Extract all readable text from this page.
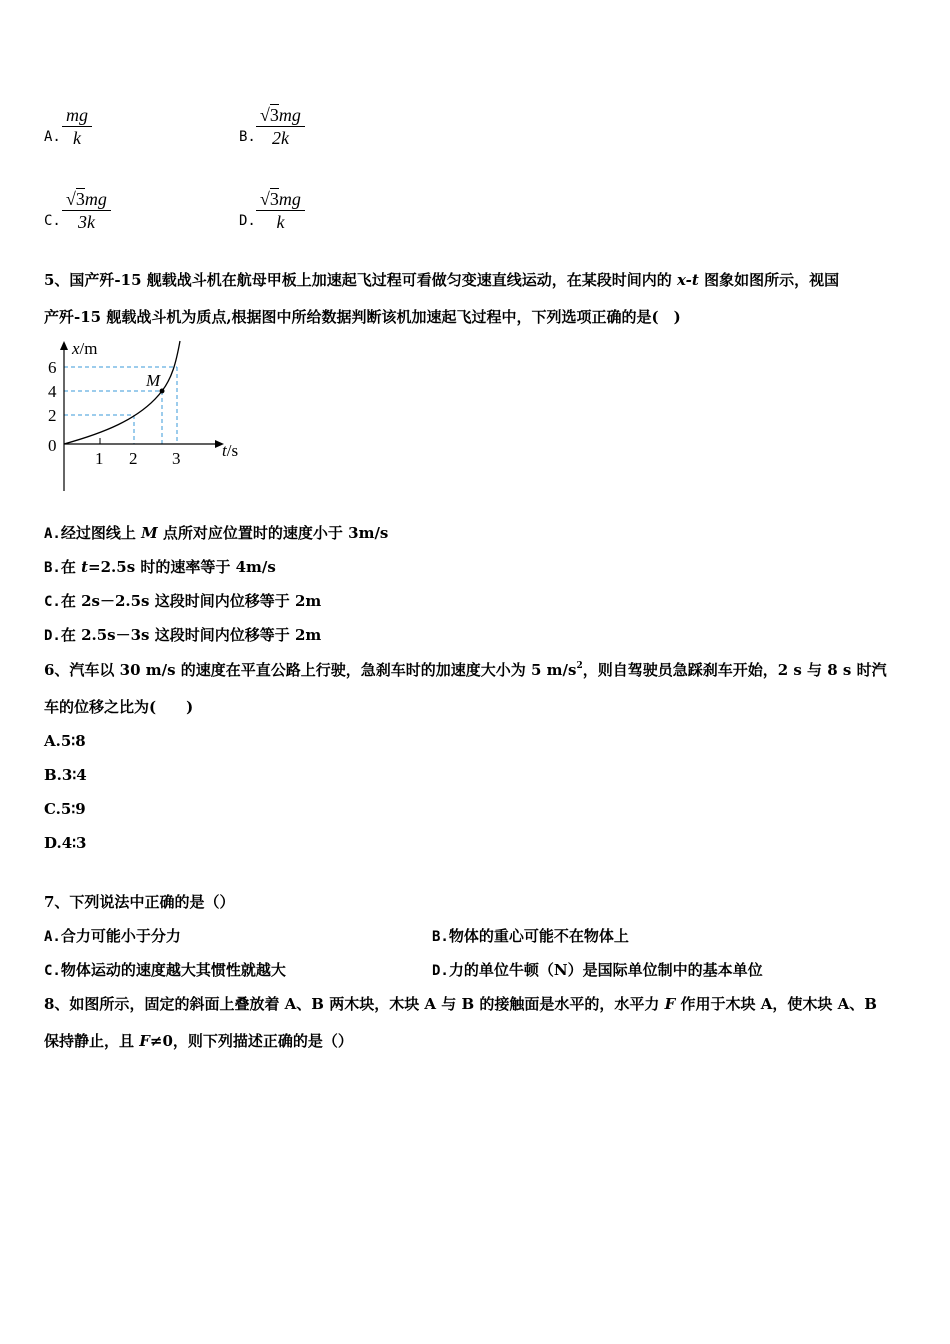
A. $\frac{mg}{k}$	B. $\frac{√3mg}{2k}$
C. $\frac{√3mg}{3k}$	D. $\frac{√3mg}{k}$
5、国产歼-15 舰载战斗机在航母甲板上加速起飞过程可看做匀变速直线运动，在某段时间内的 x-t 图象如图所示，视国
产歼-15 舰载战斗机为质点,根据图中所给数据判断该机加速起飞过程中，下列选项正确的是(　)
M
x/m
t/s
6
4
2
0
1 2 3
A.经过图线上 M 点所对应位置时的速度小于 3m/s
B.在 t=2.5s 时的速率等于 4m/s
C.在 2s－2.5s 这段时间内位移等于 2m
D.在 2.5s－3s 这段时间内位移等于 2m
6、汽车以 30 m/s 的速度在平直公路上行驶，急刹车时的加速度大小为 5 $m/s^2$，则自驾驶员急踩刹车开始，2 s 与 8 s 时汽
车的位移之比为(　　)
A.5∶8
B.3∶4
C.5∶9
D.4∶3
7、下列说法中正确的是（）
A.合力可能小于分力	B.物体的重心可能不在物体上
C.物体运动的速度越大其惯性就越大	D.力的单位牛顿（N）是国际单位制中的基本单位
8、如图所示，固定的斜面上叠放着 A、B 两木块，木块 A 与 B 的接触面是水平的，水平力 F 作用于木块 A，使木块 A、B
保持静止，且 F≠0，则下列描述正确的是（）
